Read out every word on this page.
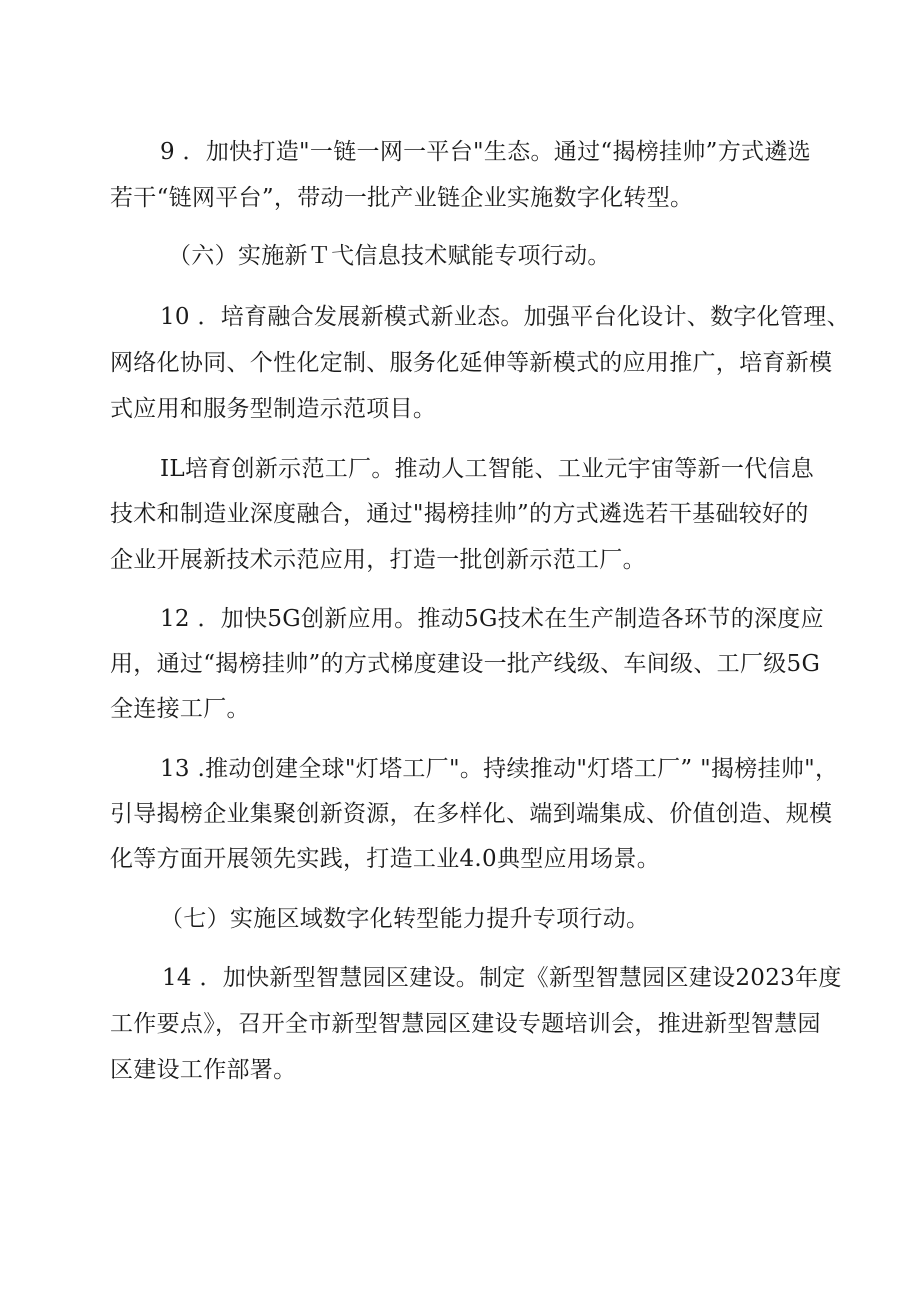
9 ．加快打造"一链一网一平台"生态。通过“揭榜挂帅”方式遴选

若干“链网平台”，带动一批产业链企业实施数字化转型。

（六）实施新Ｔ弋信息技术赋能专项行动。

10 ．培育融合发展新模式新业态。加强平台化设计、数字化管理、

网络化协同、个性化定制、服务化延伸等新模式的应用推广，培育新模

式应用和服务型制造示范项目。

IL培育创新示范工厂。推动人工智能、工业元宇宙等新一代信息

技术和制造业深度融合，通过"揭榜挂帅”的方式遴选若干基础较好的

企业开展新技术示范应用，打造一批创新示范工厂。

12 ．加快5G创新应用。推动5G技术在生产制造各环节的深度应

用，通过“揭榜挂帅”的方式梯度建设一批产线级、车间级、工厂级5G

全连接工厂。

13 .推动创建全球"灯塔工厂"。持续推动"灯塔工厂” "揭榜挂帅"，

引导揭榜企业集聚创新资源，在多样化、端到端集成、价值创造、规模

化等方面开展领先实践，打造工业4.0典型应用场景。

（七）实施区域数字化转型能力提升专项行动。

14 ．加快新型智慧园区建设。制定《新型智慧园区建设2023年度

工作要点》，召开全市新型智慧园区建设专题培训会，推进新型智慧园

区建设工作部署。
